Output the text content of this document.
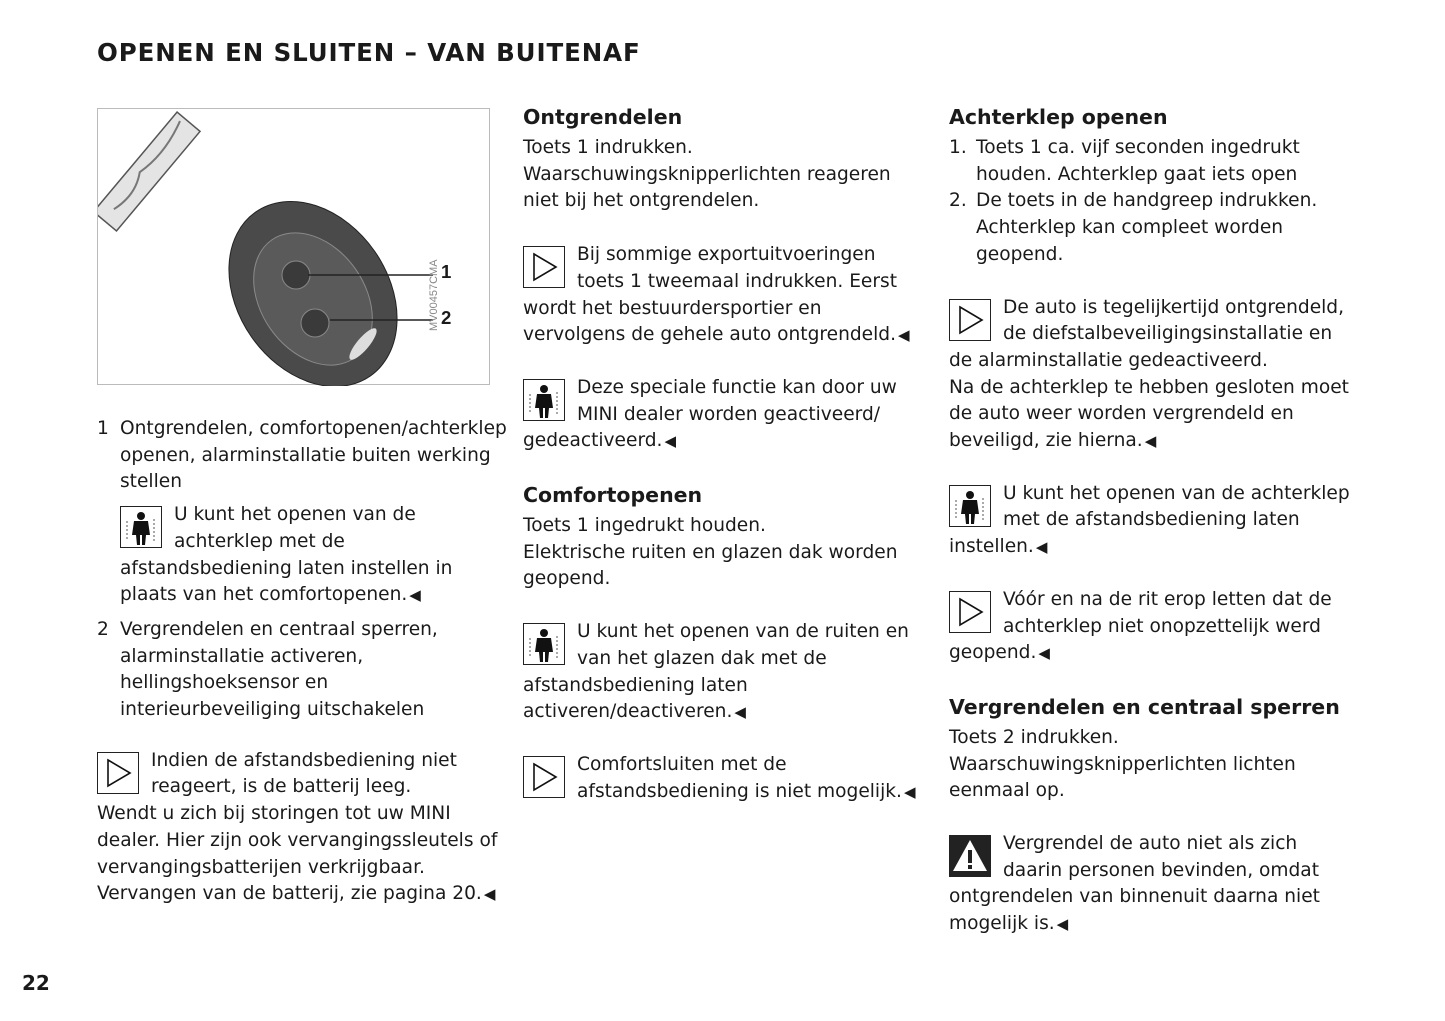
OPENEN EN SLUITEN – VAN BUITENAF
1
2
MV00457CMA
1 Ontgrendelen, comfortopenen/achterklep openen, alarminstallatie buiten werking stellen

U kunt het openen van de achterklep met de afstandsbediening laten instellen in plaats van het comfortopenen. ◀

2 Vergrendelen en centraal sperren, alarminstallatie activeren, hellingshoeksensor en interieurbeveiliging uitschakelen

Indien de afstandsbediening niet reageert, is de batterij leeg.

Wendt u zich bij storingen tot uw MINI dealer. Hier zijn ook vervangingssleutels of vervangingsbatterijen verkrijgbaar.

Vervangen van de batterij, zie pagina 20. ◀

Ontgrendelen

Toets 1 indrukken.

Waarschuwingsknipperlichten reageren niet bij het ontgrendelen.

Bij sommige exportuitvoeringen toets 1 tweemaal indrukken. Eerst wordt het bestuurdersportier en vervolgens de gehele auto ontgrendeld. ◀

Deze speciale functie kan door uw MINI dealer worden geactiveerd/ gedeactiveerd. ◀

Comfortopenen

Toets 1 ingedrukt houden.

Elektrische ruiten en glazen dak worden geopend.

U kunt het openen van de ruiten en van het glazen dak met de afstandsbediening laten activeren/deactiveren. ◀

Comfortsluiten met de afstandsbediening is niet mogelijk. ◀

Achterklep openen
1. Toets 1 ca. vijf seconden ingedrukt houden. Achterklep gaat iets open

2. De toets in de handgreep indrukken. Achterklep kan compleet worden geopend.

De auto is tegelijkertijd ontgrendeld, de diefstalbeveiligingsinstallatie en de alarminstallatie gedeactiveerd.

Na de achterklep te hebben gesloten moet de auto weer worden vergrendeld en beveiligd, zie hierna. ◀

U kunt het openen van de achterklep met de afstandsbediening laten instellen. ◀

Vóór en na de rit erop letten dat de achterklep niet onopzettelijk werd geopend. ◀

Vergrendelen en centraal sperren

Toets 2 indrukken.

Waarschuwingsknipperlichten lichten eenmaal op.

Vergrendel de auto niet als zich daarin personen bevinden, omdat ontgrendelen van binnenuit daarna niet mogelijk is. ◀

22
